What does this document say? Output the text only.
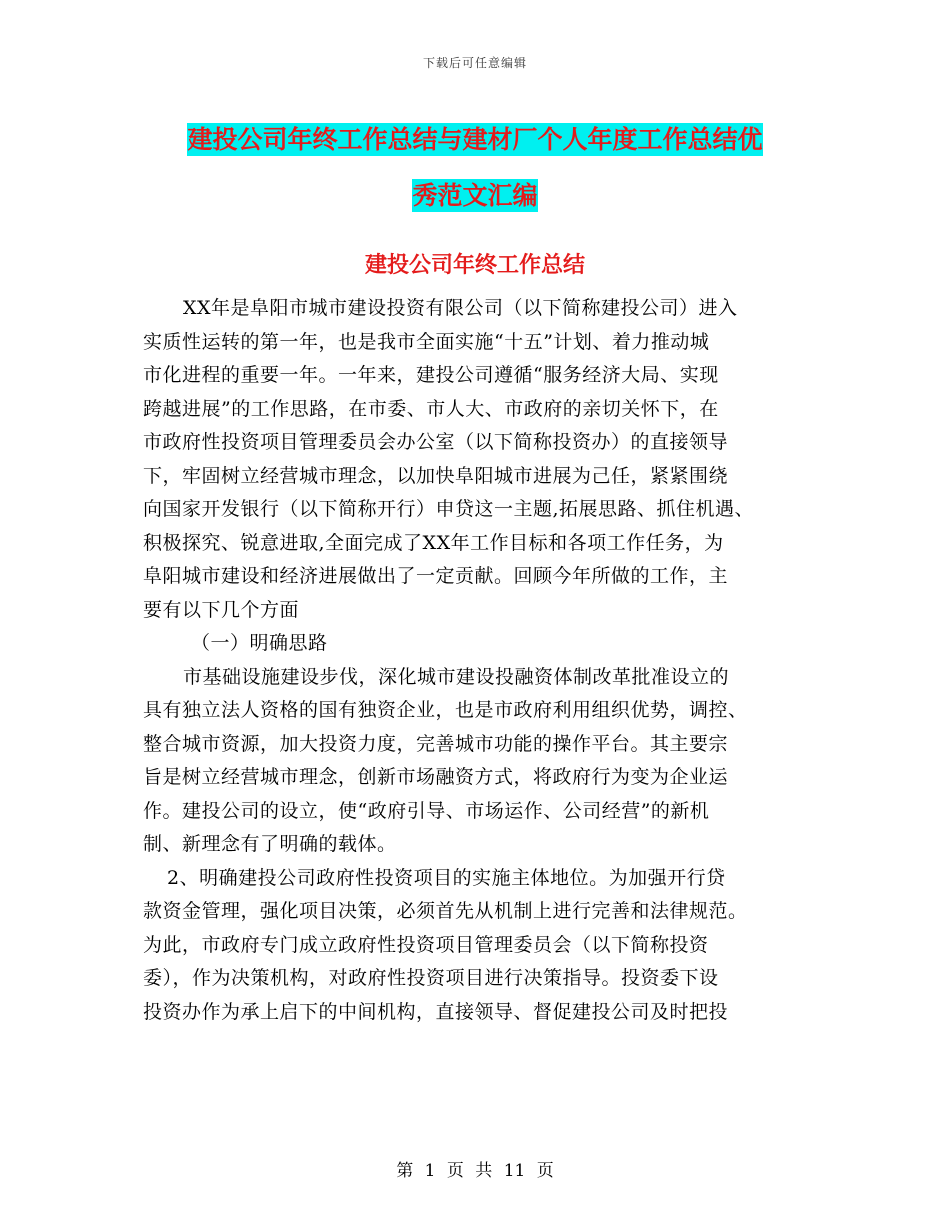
下载后可任意编辑
建投公司年终工作总结与建材厂个人年度工作总结优
秀范文汇编
建投公司年终工作总结
XX年是阜阳市城市建设投资有限公司（以下简称建投公司）进入
实质性运转的第一年，也是我市全面实施“十五”计划、着力推动城
市化进程的重要一年。一年来，建投公司遵循“服务经济大局、实现
跨越进展”的工作思路，在市委、市人大、市政府的亲切关怀下，在
市政府性投资项目管理委员会办公室（以下简称投资办）的直接领导
下，牢固树立经营城市理念，以加快阜阳城市进展为己任，紧紧围绕
向国家开发银行（以下简称开行）申贷这一主题,拓展思路、抓住机遇、
积极探究、锐意进取,全面完成了XX年工作目标和各项工作任务，为
阜阳城市建设和经济进展做出了一定贡献。回顾今年所做的工作，主
要有以下几个方面
（一）明确思路
市基础设施建设步伐，深化城市建设投融资体制改革批准设立的
具有独立法人资格的国有独资企业，也是市政府利用组织优势，调控、
整合城市资源，加大投资力度，完善城市功能的操作平台。其主要宗
旨是树立经营城市理念，创新市场融资方式，将政府行为变为企业运
作。建投公司的设立，使“政府引导、市场运作、公司经营”的新机
制、新理念有了明确的载体。
2、明确建投公司政府性投资项目的实施主体地位。为加强开行贷
款资金管理，强化项目决策，必须首先从机制上进行完善和法律规范。
为此，市政府专门成立政府性投资项目管理委员会（以下简称投资
委），作为决策机构，对政府性投资项目进行决策指导。投资委下设
投资办作为承上启下的中间机构，直接领导、督促建投公司及时把投
第 1 页 共 11 页
